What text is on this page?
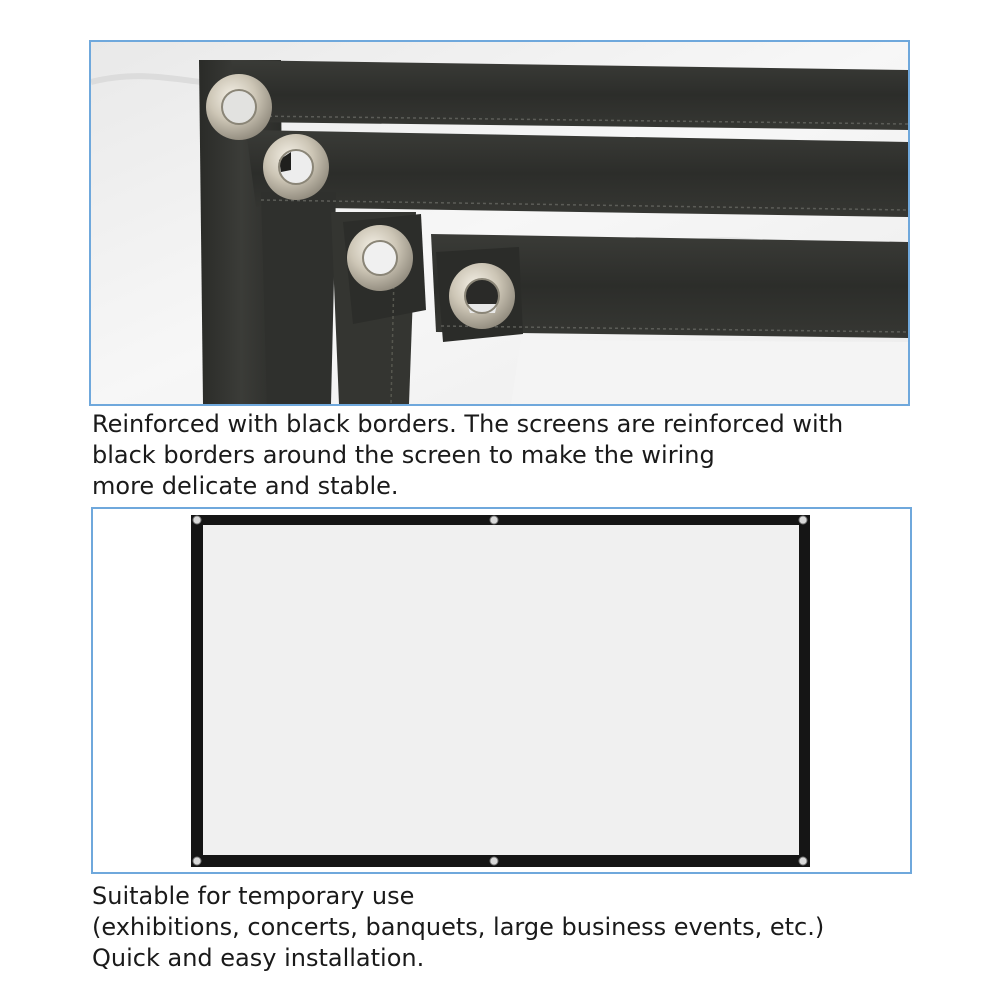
Reinforced with black borders. The screens are reinforced with
black borders around the screen to make the wiring
more delicate and stable.
Suitable for temporary use
(exhibitions, concerts, banquets, large business events, etc.)
Quick and easy installation.
